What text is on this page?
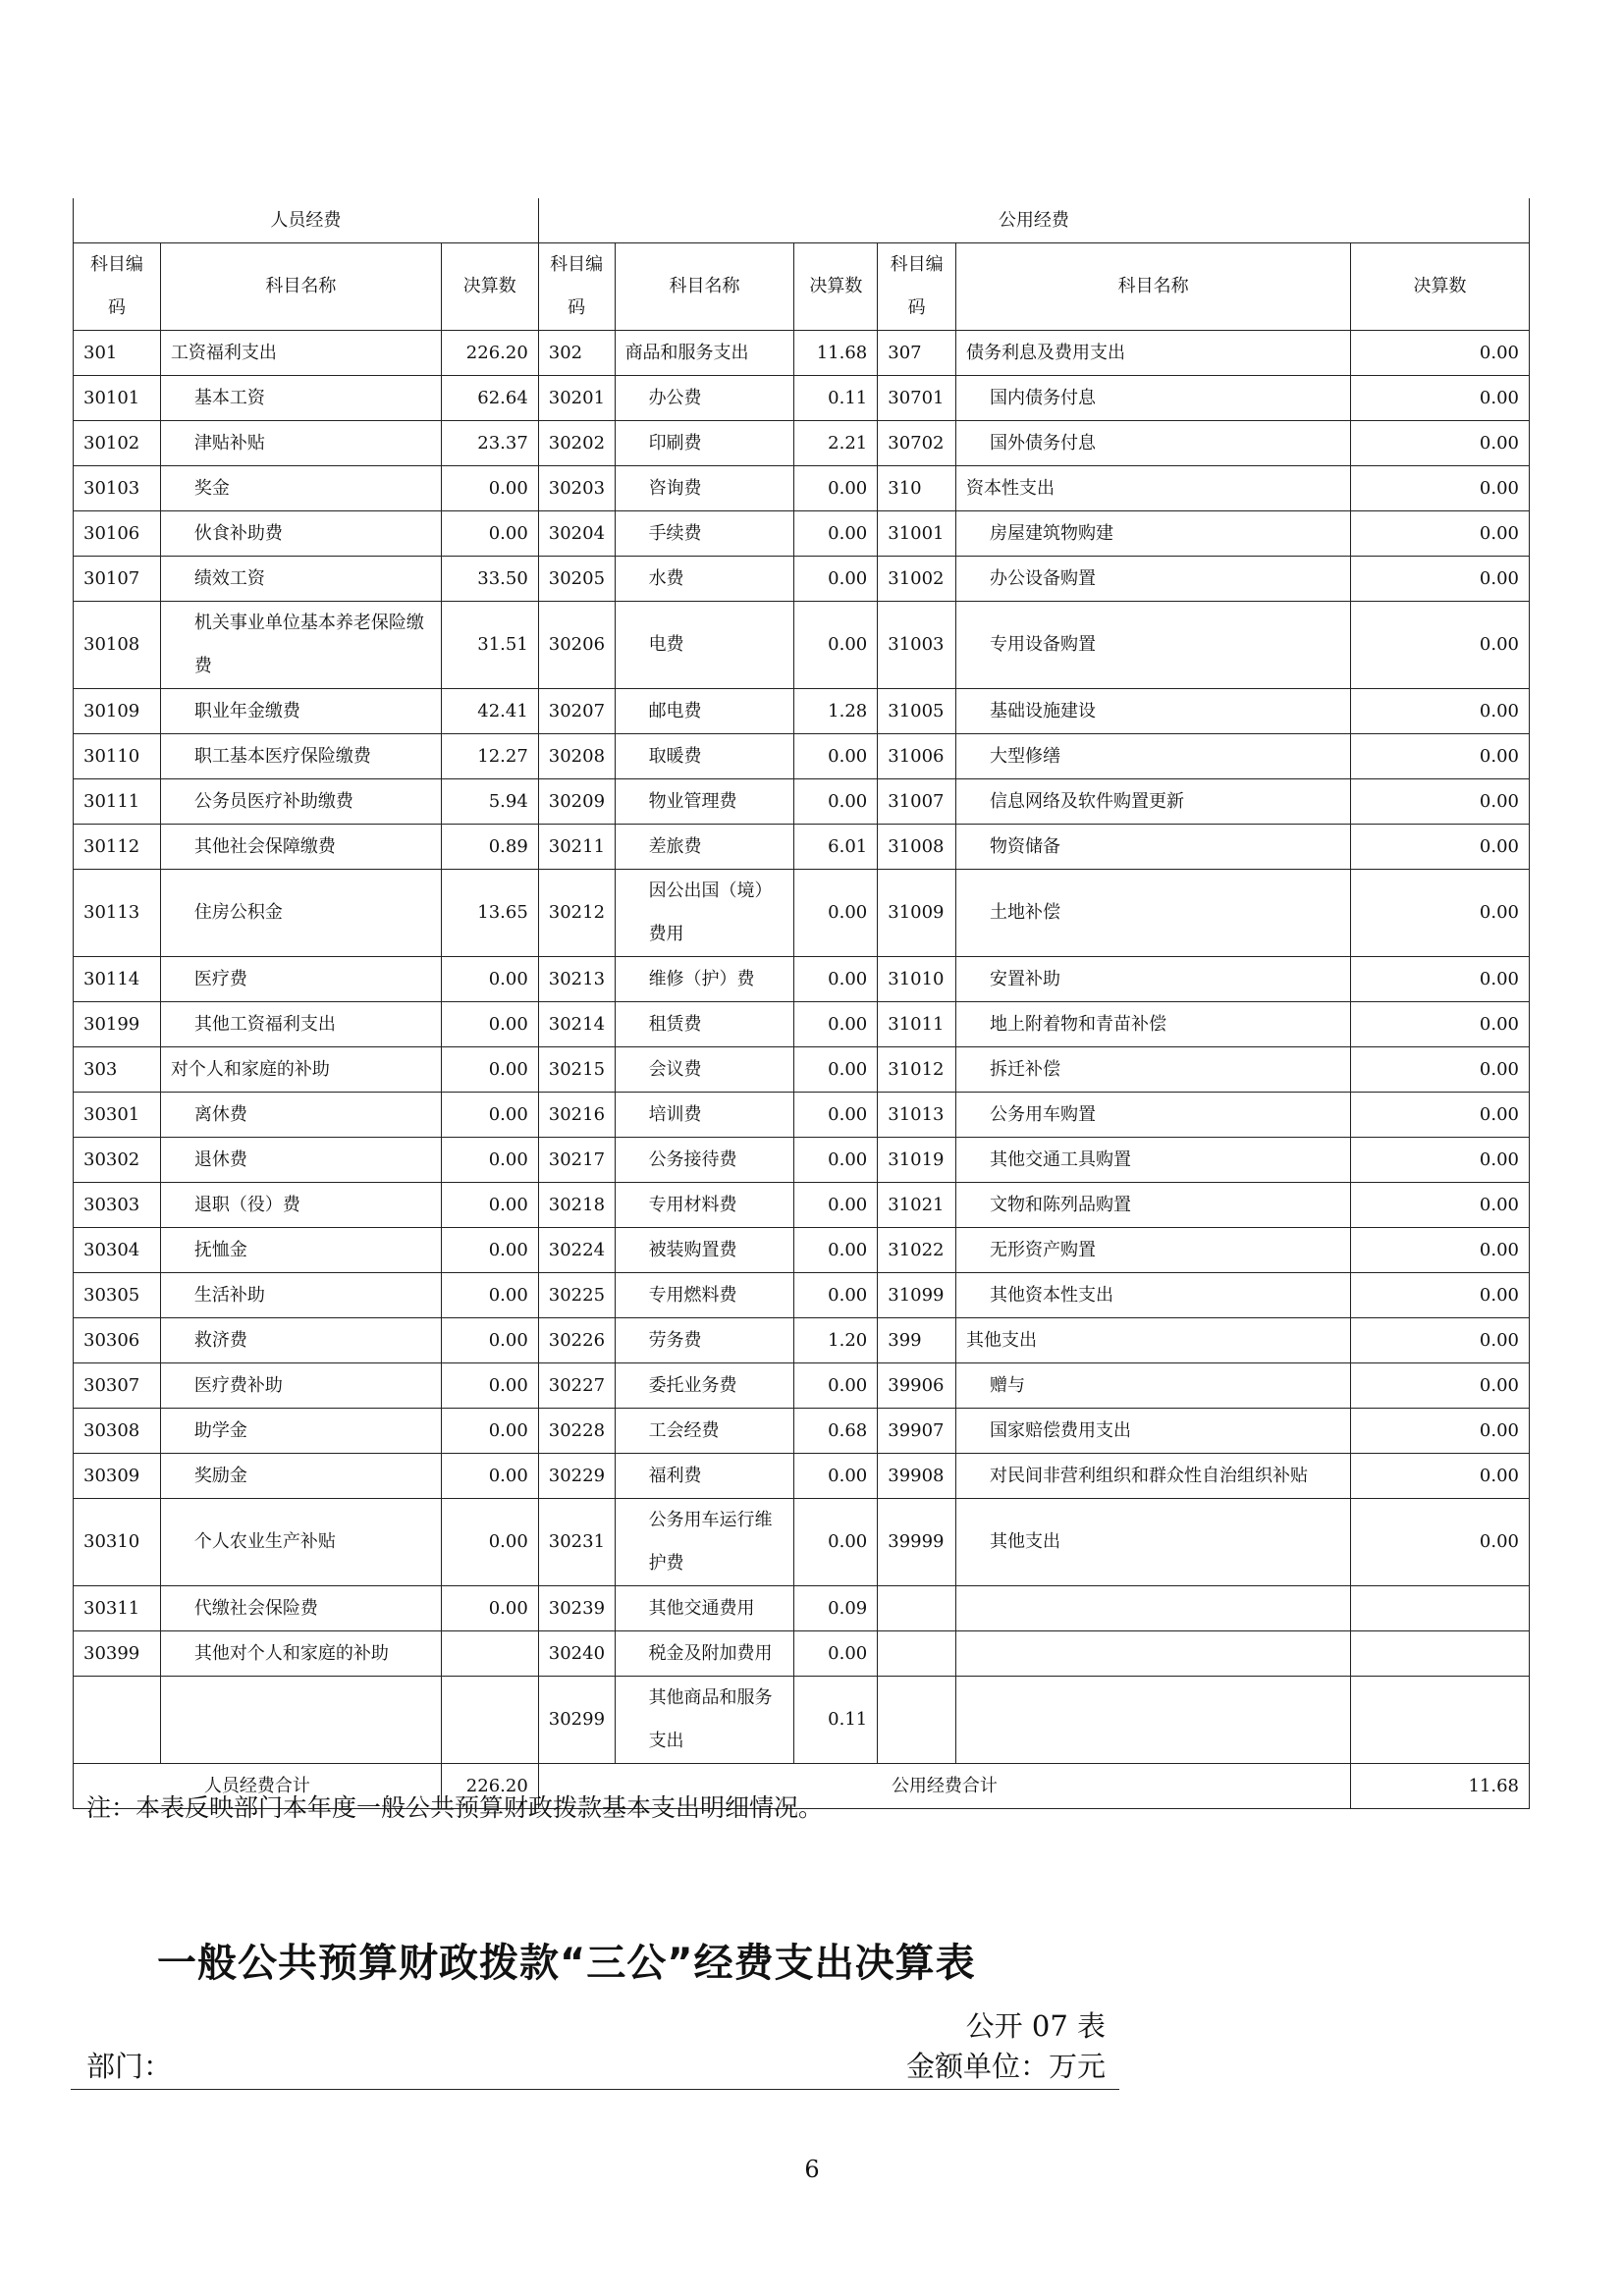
人员经费			公用经费					
科目编码	科目名称	决算数	科目编码	科目名称	决算数	科目编码	科目名称	决算数
301	工资福利支出	226.20	302	商品和服务支出	11.68	307	债务利息及费用支出	0.00
30101	基本工资	62.64	30201	办公费	0.11	30701	国内债务付息	0.00
30102	津贴补贴	23.37	30202	印刷费	2.21	30702	国外债务付息	0.00
30103	奖金	0.00	30203	咨询费	0.00	310	资本性支出	0.00
30106	伙食补助费	0.00	30204	手续费	0.00	31001	房屋建筑物购建	0.00
30107	绩效工资	33.50	30205	水费	0.00	31002	办公设备购置	0.00
30108	机关事业单位基本养老保险缴费	31.51	30206	电费	0.00	31003	专用设备购置	0.00
30109	职业年金缴费	42.41	30207	邮电费	1.28	31005	基础设施建设	0.00
30110	职工基本医疗保险缴费	12.27	30208	取暖费	0.00	31006	大型修缮	0.00
30111	公务员医疗补助缴费	5.94	30209	物业管理费	0.00	31007	信息网络及软件购置更新	0.00
30112	其他社会保障缴费	0.89	30211	差旅费	6.01	31008	物资储备	0.00
30113	住房公积金	13.65	30212	因公出国（境）费用	0.00	31009	土地补偿	0.00
30114	医疗费	0.00	30213	维修（护）费	0.00	31010	安置补助	0.00
30199	其他工资福利支出	0.00	30214	租赁费	0.00	31011	地上附着物和青苗补偿	0.00
303	对个人和家庭的补助	0.00	30215	会议费	0.00	31012	拆迁补偿	0.00
30301	离休费	0.00	30216	培训费	0.00	31013	公务用车购置	0.00
30302	退休费	0.00	30217	公务接待费	0.00	31019	其他交通工具购置	0.00
30303	退职（役）费	0.00	30218	专用材料费	0.00	31021	文物和陈列品购置	0.00
30304	抚恤金	0.00	30224	被装购置费	0.00	31022	无形资产购置	0.00
30305	生活补助	0.00	30225	专用燃料费	0.00	31099	其他资本性支出	0.00
30306	救济费	0.00	30226	劳务费	1.20	399	其他支出	0.00
30307	医疗费补助	0.00	30227	委托业务费	0.00	39906	赠与	0.00
30308	助学金	0.00	30228	工会经费	0.68	39907	国家赔偿费用支出	0.00
30309	奖励金	0.00	30229	福利费	0.00	39908	对民间非营利组织和群众性自治组织补贴	0.00
30310	个人农业生产补贴	0.00	30231	公务用车运行维护费	0.00	39999	其他支出	0.00
30311	代缴社会保险费	0.00	30239	其他交通费用	0.09			
30399	其他对个人和家庭的补助		30240	税金及附加费用	0.00			
			30299	其他商品和服务支出	0.11			
人员经费合计		226.20	公用经费合计					11.68
注：本表反映部门本年度一般公共预算财政拨款基本支出明细情况。
一般公共预算财政拨款“三公”经费支出决算表
公开 07 表
部门：	金额单位：万元
6
